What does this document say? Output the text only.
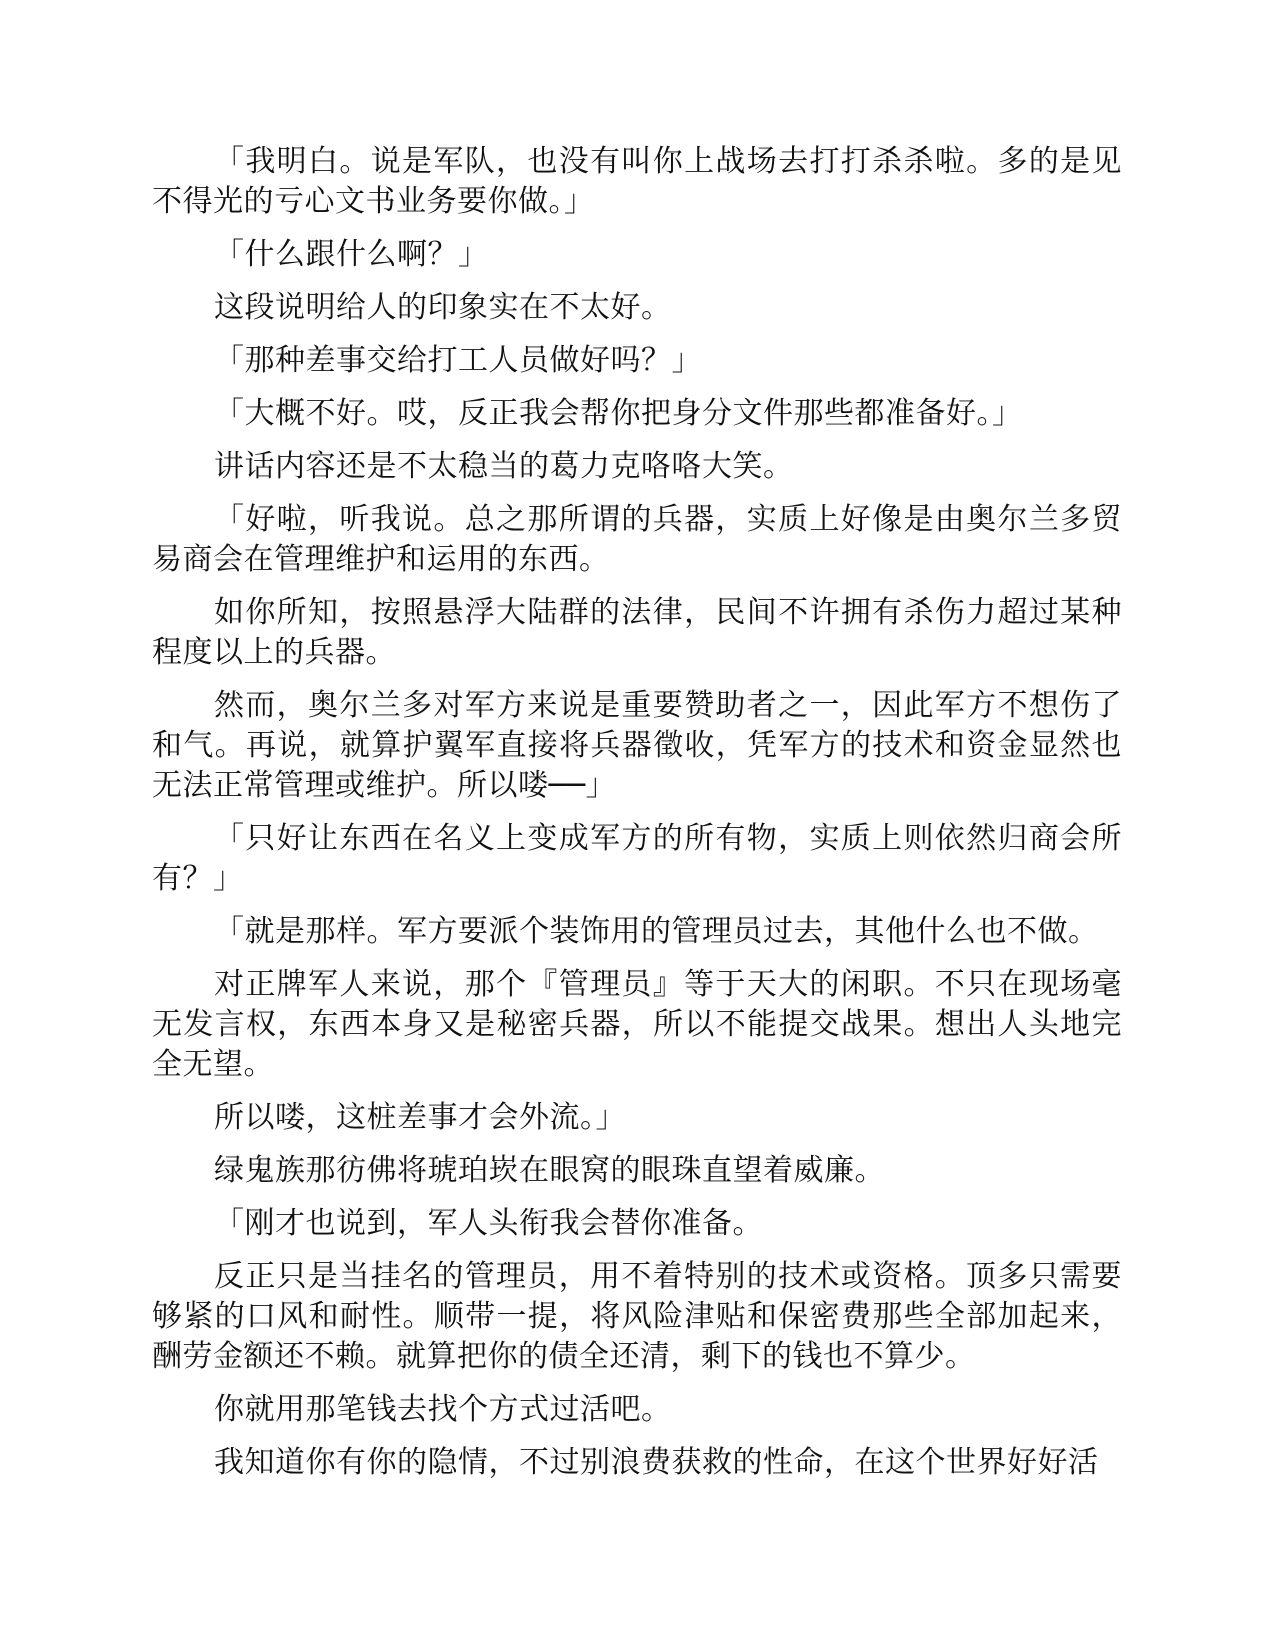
「我明白。说是军队，也没有叫你上战场去打打杀杀啦。多的是见不得光的亏心文书业务要你做。」

「什么跟什么啊？」

这段说明给人的印象实在不太好。

「那种差事交给打工人员做好吗？」

「大概不好。哎，反正我会帮你把身分文件那些都准备好。」

讲话内容还是不太稳当的葛力克咯咯大笑。

「好啦，听我说。总之那所谓的兵器，实质上好像是由奥尔兰多贸易商会在管理维护和运用的东西。

如你所知，按照悬浮大陆群的法律，民间不许拥有杀伤力超过某种程度以上的兵器。

然而，奥尔兰多对军方来说是重要赞助者之一，因此军方不想伤了和气。再说，就算护翼军直接将兵器徵收，凭军方的技术和资金显然也无法正常管理或维护。所以喽──」

「只好让东西在名义上变成军方的所有物，实质上则依然归商会所有？」

「就是那样。军方要派个装饰用的管理员过去，其他什么也不做。

对正牌军人来说，那个『管理员』等于天大的闲职。不只在现场毫无发言权，东西本身又是秘密兵器，所以不能提交战果。想出人头地完全无望。

所以喽，这桩差事才会外流。」

绿鬼族那彷佛将琥珀崁在眼窝的眼珠直望着威廉。

「刚才也说到，军人头衔我会替你准备。

反正只是当挂名的管理员，用不着特别的技术或资格。顶多只需要够紧的口风和耐性。顺带一提，将风险津贴和保密费那些全部加起来，酬劳金额还不赖。就算把你的债全还清，剩下的钱也不算少。

你就用那笔钱去找个方式过活吧。

我知道你有你的隐情，不过别浪费获救的性命，在这个世界好好活
